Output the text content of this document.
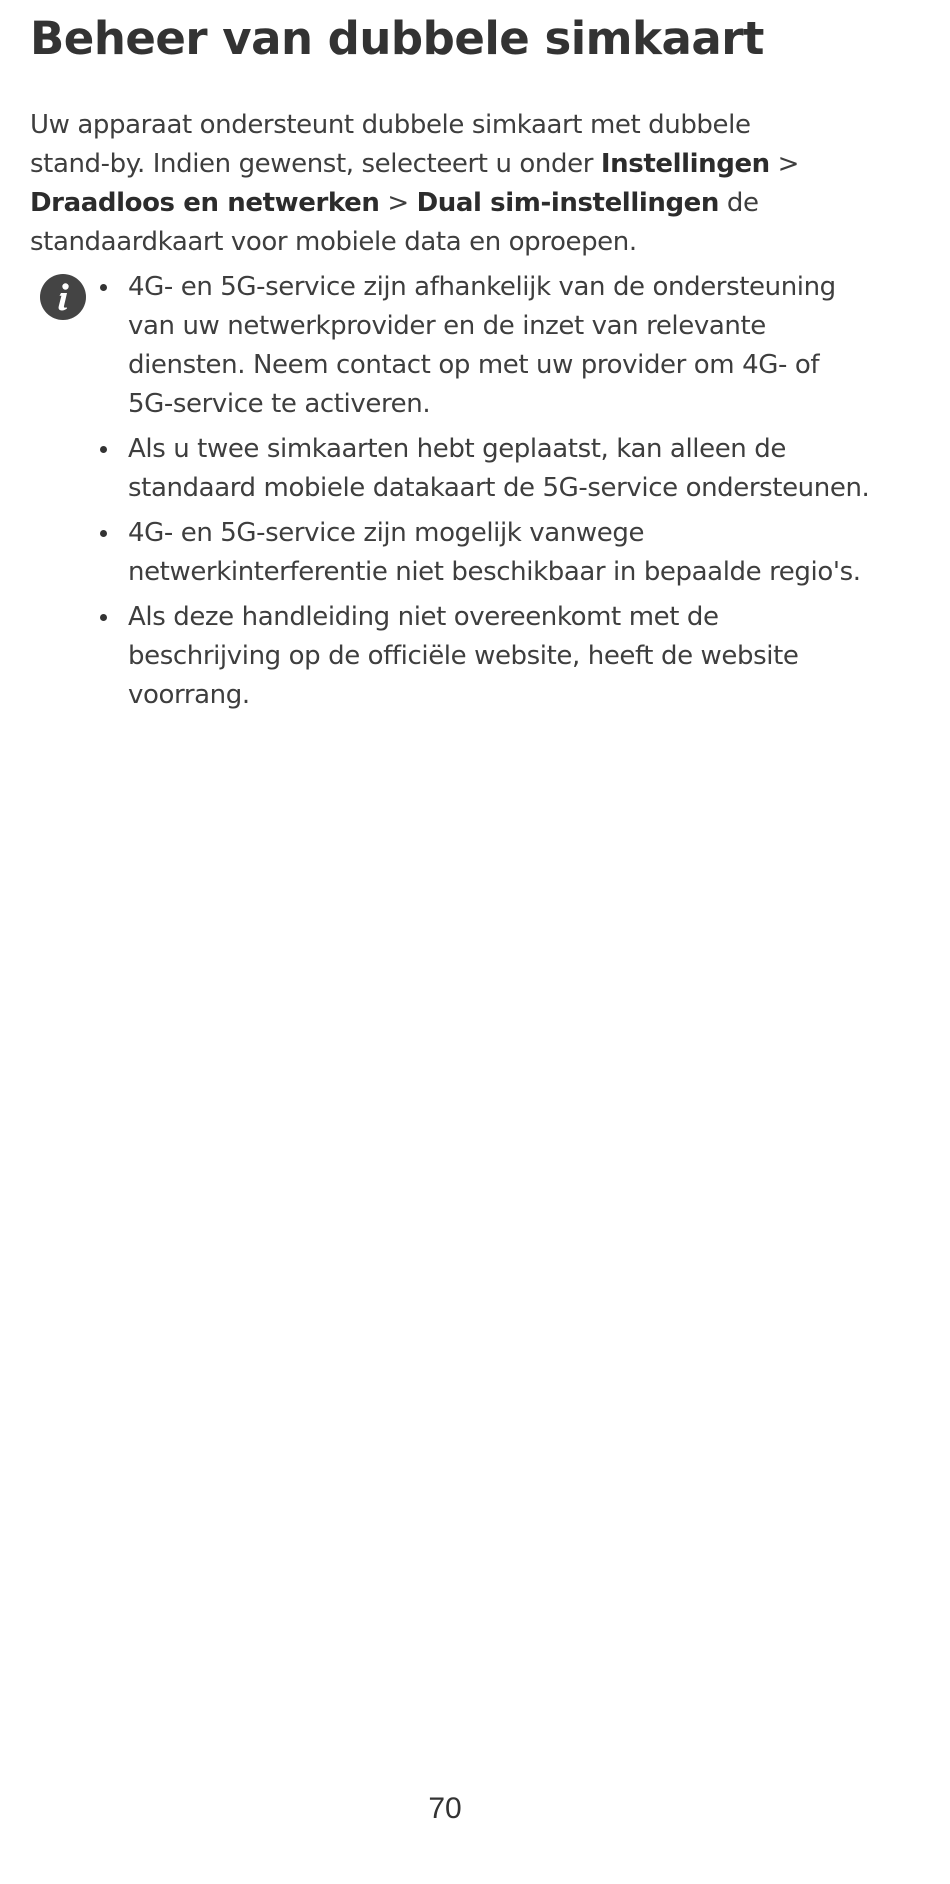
Beheer van dubbele simkaart

Uw apparaat ondersteunt dubbele simkaart met dubbele stand-by. Indien gewenst, selecteert u onder Instellingen > Draadloos en netwerken > Dual sim-instellingen de standaardkaart voor mobiele data en oproepen.

4G- en 5G-service zijn afhankelijk van de ondersteuning van uw netwerkprovider en de inzet van relevante diensten. Neem contact op met uw provider om 4G- of 5G-service te activeren.
Als u twee simkaarten hebt geplaatst, kan alleen de standaard mobiele datakaart de 5G-service ondersteunen.
4G- en 5G-service zijn mogelijk vanwege netwerkinterferentie niet beschikbaar in bepaalde regio's.
Als deze handleiding niet overeenkomt met de beschrijving op de officiële website, heeft de website voorrang.
70
